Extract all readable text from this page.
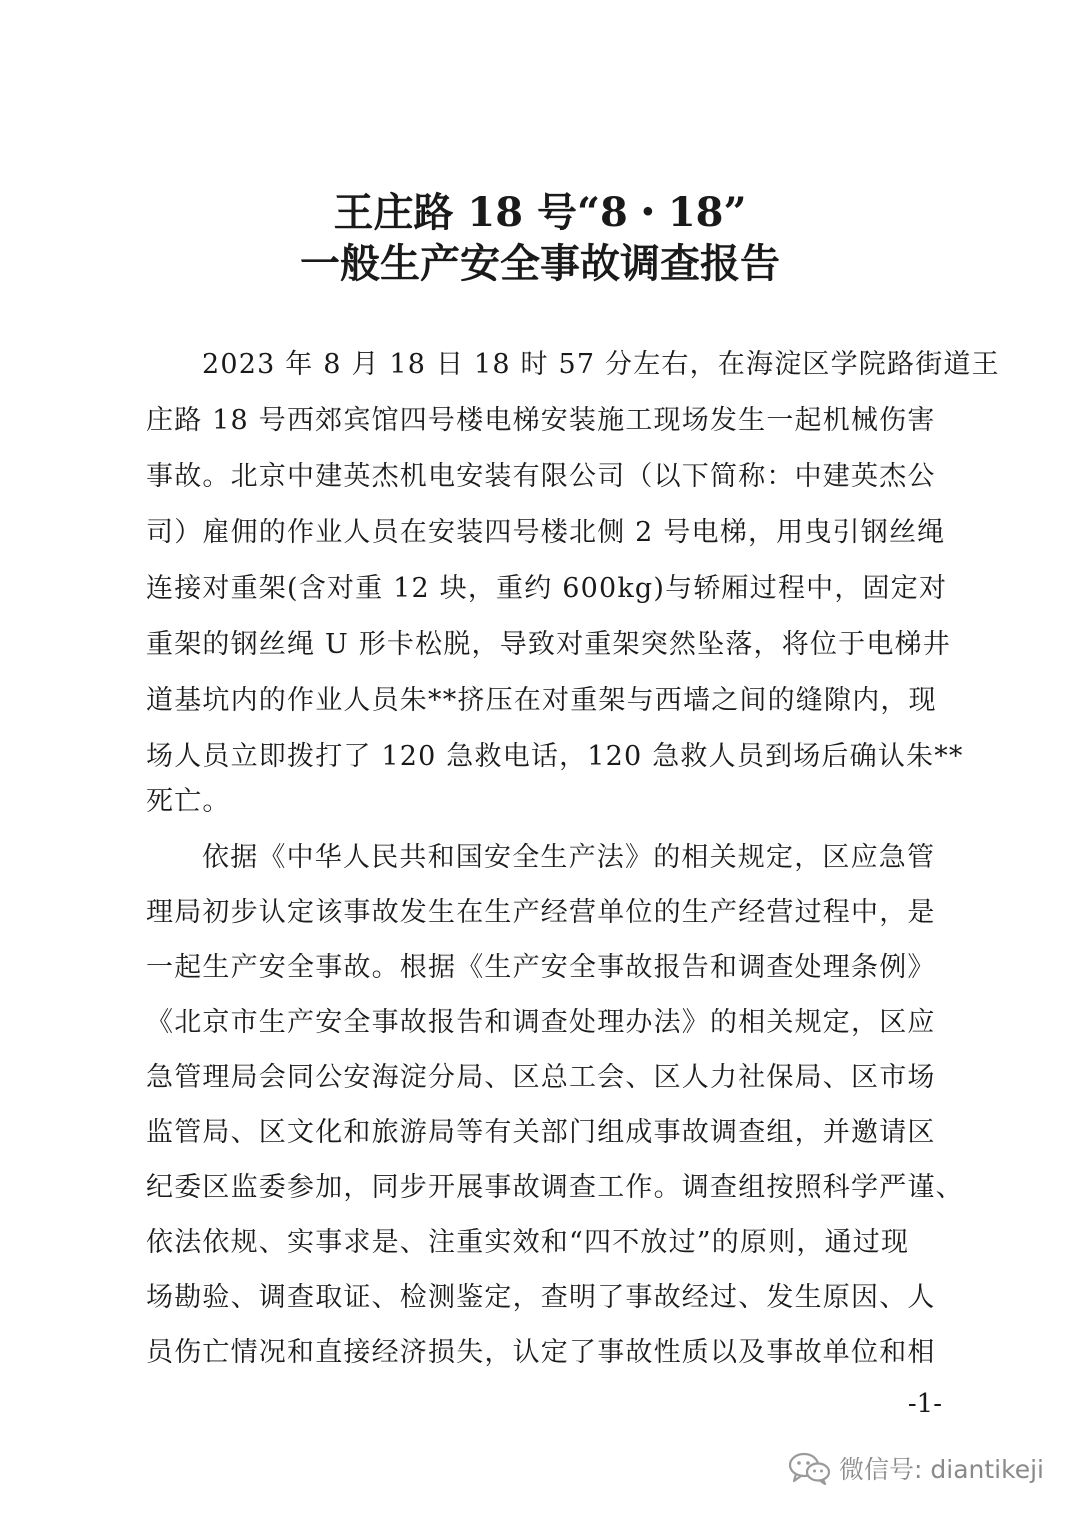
王庄路 18 号“8・18”
一般生产安全事故调查报告
2023 年 8 月 18 日 18 时 57 分左右，在海淀区学院路街道王
庄路 18 号西郊宾馆四号楼电梯安装施工现场发生一起机械伤害
事故。北京中建英杰机电安装有限公司（以下简称：中建英杰公
司）雇佣的作业人员在安装四号楼北侧 2 号电梯，用曳引钢丝绳
连接对重架(含对重 12 块，重约 600kg)与轿厢过程中，固定对
重架的钢丝绳 U 形卡松脱，导致对重架突然坠落，将位于电梯井
道基坑内的作业人员朱**挤压在对重架与西墙之间的缝隙内，现
场人员立即拨打了 120 急救电话，120 急救人员到场后确认朱**
死亡。
依据《中华人民共和国安全生产法》的相关规定，区应急管
理局初步认定该事故发生在生产经营单位的生产经营过程中，是
一起生产安全事故。根据《生产安全事故报告和调查处理条例》
《北京市生产安全事故报告和调查处理办法》的相关规定，区应
急管理局会同公安海淀分局、区总工会、区人力社保局、区市场
监管局、区文化和旅游局等有关部门组成事故调查组，并邀请区
纪委区监委参加，同步开展事故调查工作。调查组按照科学严谨、
依法依规、实事求是、注重实效和“四不放过”的原则，通过现
场勘验、调查取证、检测鉴定，查明了事故经过、发生原因、人
员伤亡情况和直接经济损失，认定了事故性质以及事故单位和相
-1-
微信号: diantikeji
